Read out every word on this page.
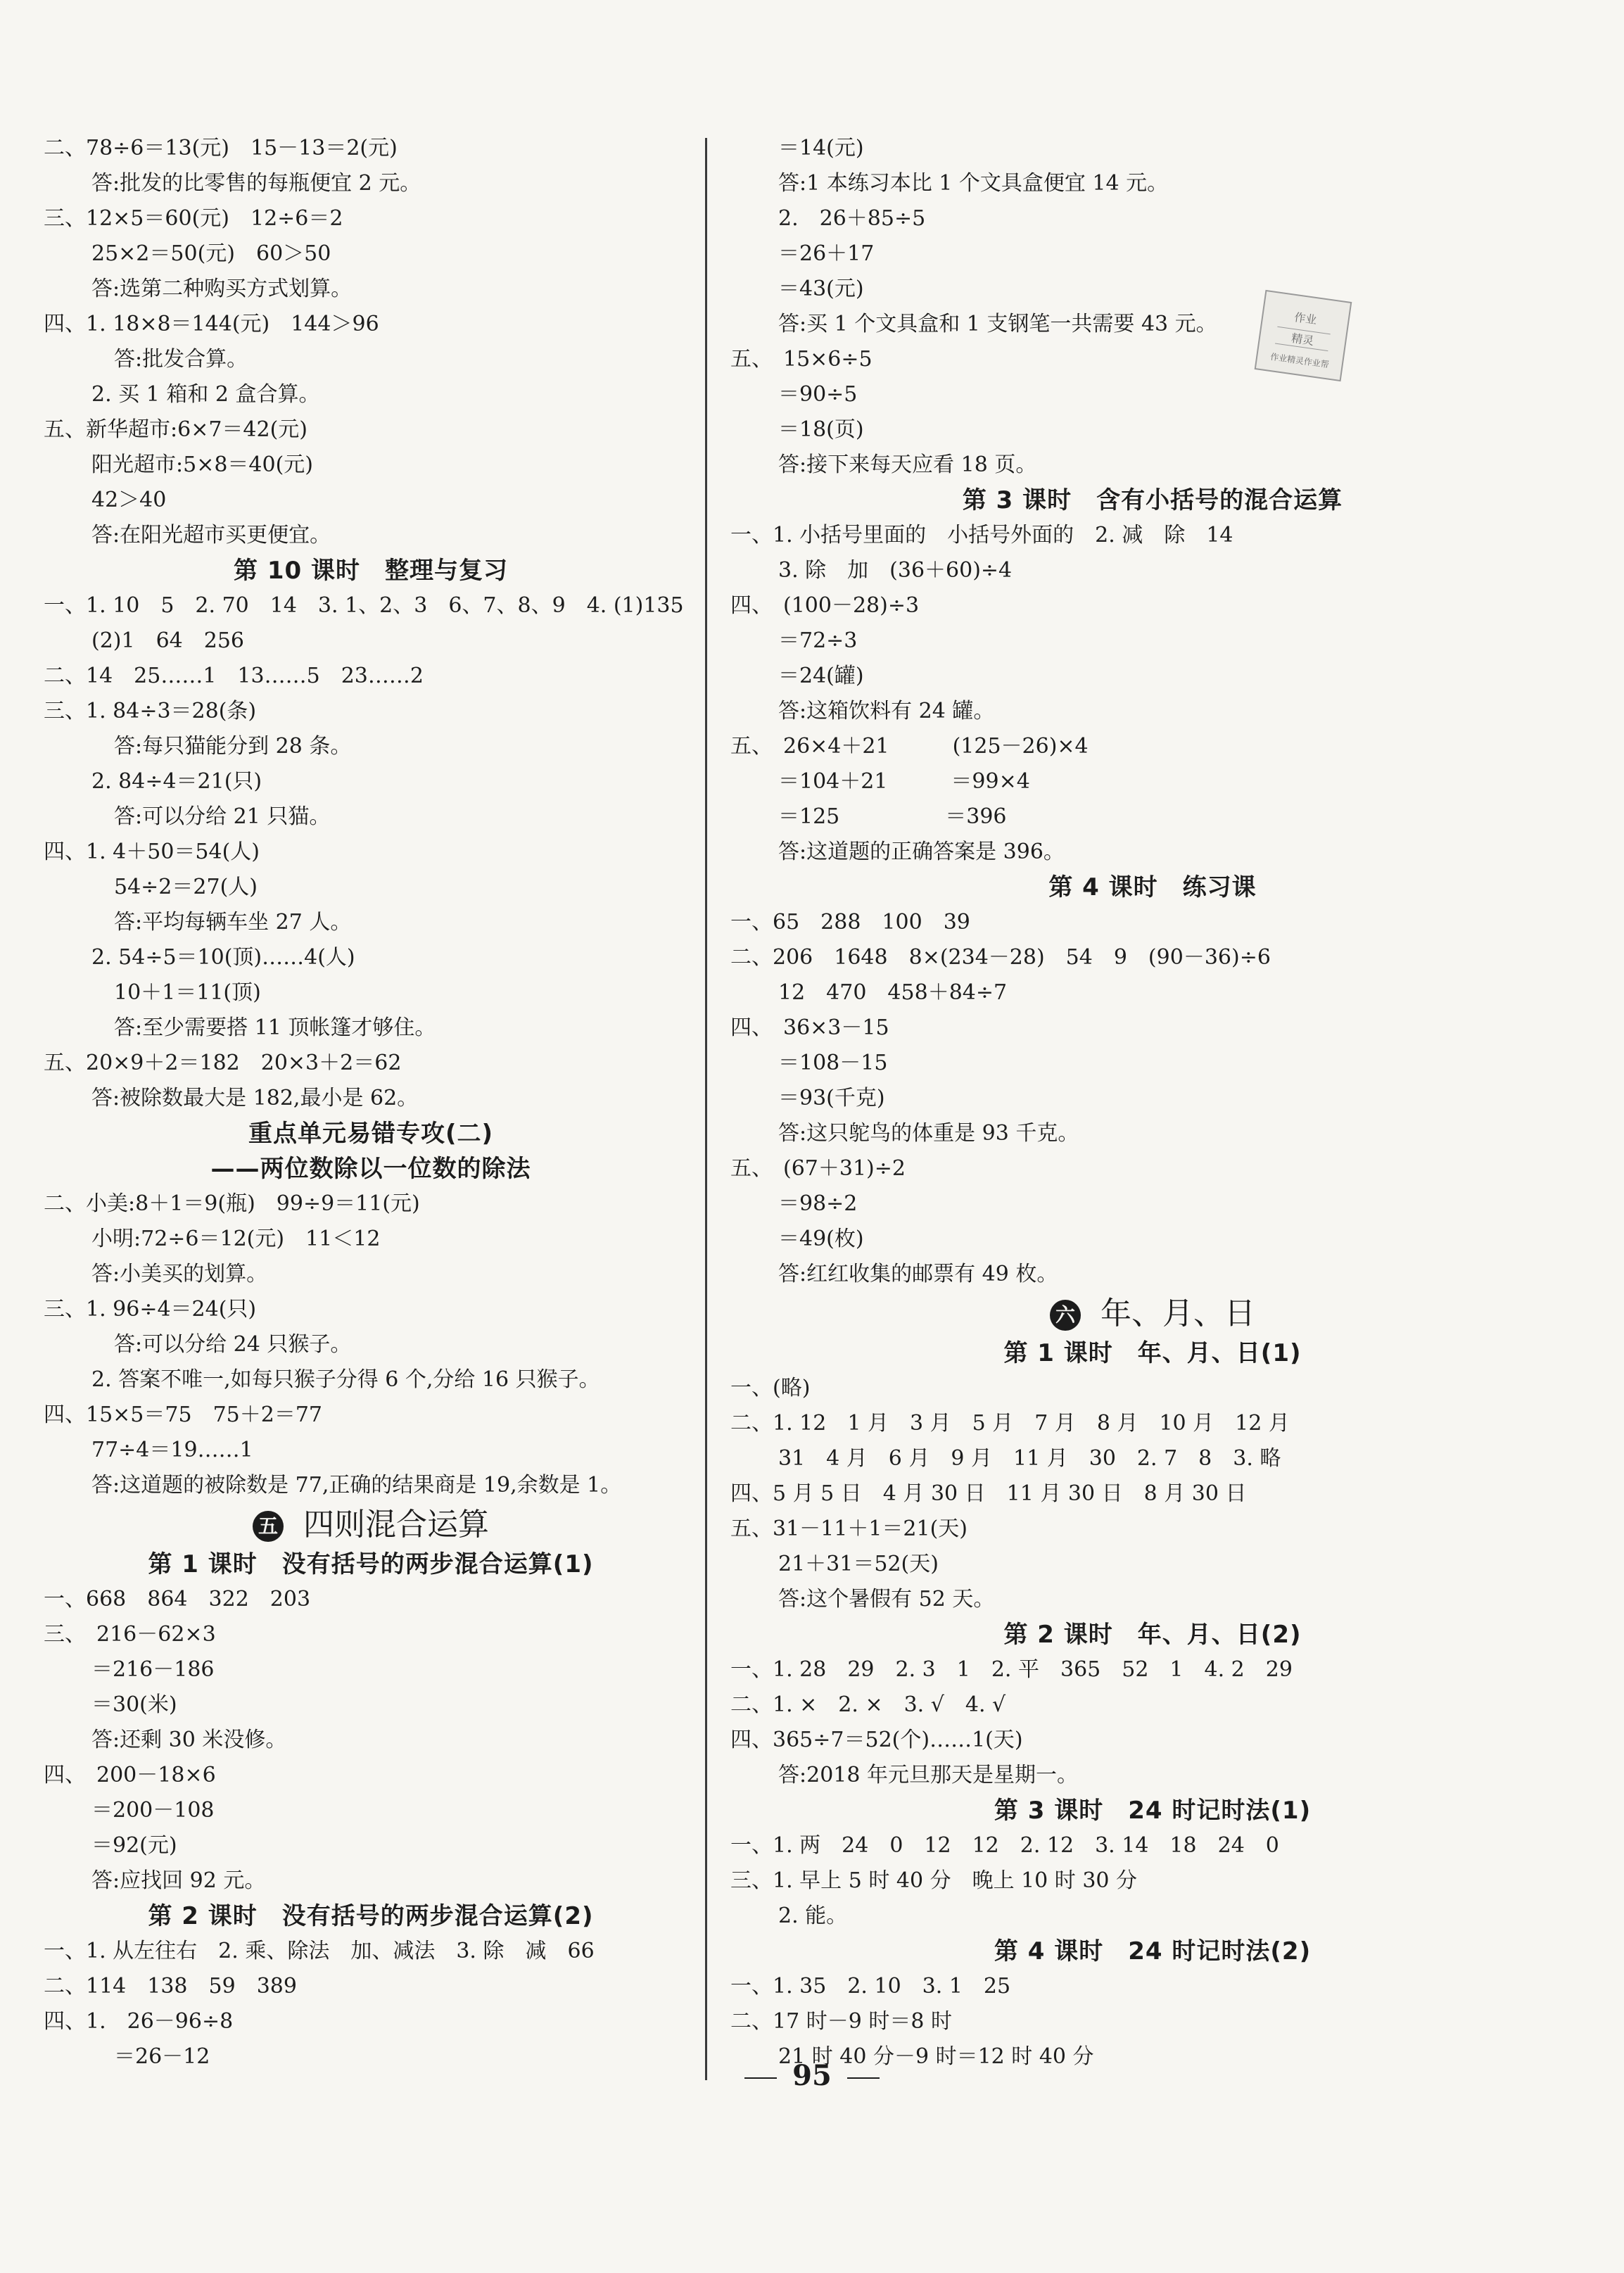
二、78÷6＝13(元)　15－13＝2(元)
答:批发的比零售的每瓶便宜 2 元。
三、12×5＝60(元)　12÷6＝2
25×2＝50(元)　60＞50
答:选第二种购买方式划算。
四、1. 18×8＝144(元)　144＞96
答:批发合算。
2. 买 1 箱和 2 盒合算。
五、新华超市:6×7＝42(元)
阳光超市:5×8＝40(元)
42＞40
答:在阳光超市买更便宜。
第 10 课时　整理与复习
一、1. 10　5　2. 70　14　3. 1、2、3　6、7、8、9　4. (1)135
(2)1　64　256
二、14　25……1　13……5　23……2
三、1. 84÷3＝28(条)
答:每只猫能分到 28 条。
2. 84÷4＝21(只)
答:可以分给 21 只猫。
四、1. 4＋50＝54(人)
54÷2＝27(人)
答:平均每辆车坐 27 人。
2. 54÷5＝10(顶)……4(人)
10＋1＝11(顶)
答:至少需要搭 11 顶帐篷才够住。
五、20×9＋2＝182　20×3＋2＝62
答:被除数最大是 182,最小是 62。
重点单元易错专攻(二)
——两位数除以一位数的除法
二、小美:8＋1＝9(瓶)　99÷9＝11(元)
小明:72÷6＝12(元)　11＜12
答:小美买的划算。
三、1. 96÷4＝24(只)
答:可以分给 24 只猴子。
2. 答案不唯一,如每只猴子分得 6 个,分给 16 只猴子。
四、15×5＝75　75＋2＝77
77÷4＝19……1
答:这道题的被除数是 77,正确的结果商是 19,余数是 1。
五 四则混合运算
第 1 课时　没有括号的两步混合运算(1)
一、668　864　322　203
三、　216－62×3
＝216－186
＝30(米)
答:还剩 30 米没修。
四、　200－18×6
＝200－108
＝92(元)
答:应找回 92 元。
第 2 课时　没有括号的两步混合运算(2)
一、1. 从左往右　2. 乘、除法　加、减法　3. 除　减　66
二、114　138　59　389
四、1.　26－96÷8
＝26－12
＝14(元)
答:1 本练习本比 1 个文具盒便宜 14 元。
2.　26＋85÷5
＝26＋17
＝43(元)
答:买 1 个文具盒和 1 支钢笔一共需要 43 元。
五、　15×6÷5
＝90÷5
＝18(页)
答:接下来每天应看 18 页。
第 3 课时　含有小括号的混合运算
一、1. 小括号里面的　小括号外面的　2. 减　除　14
3. 除　加　(36＋60)÷4
四、　(100－28)÷3
＝72÷3
＝24(罐)
答:这箱饮料有 24 罐。
五、　26×4＋21　　　(125－26)×4
＝104＋21　　　＝99×4
＝125　　　　　＝396
答:这道题的正确答案是 396。
第 4 课时　练习课
一、65　288　100　39
二、206　1648　8×(234－28)　54　9　(90－36)÷6
12　470　458＋84÷7
四、　36×3－15
＝108－15
＝93(千克)
答:这只鸵鸟的体重是 93 千克。
五、　(67＋31)÷2
＝98÷2
＝49(枚)
答:红红收集的邮票有 49 枚。
六 年、月、日
第 1 课时　年、月、日(1)
一、(略)
二、1. 12　1 月　3 月　5 月　7 月　8 月　10 月　12 月
31　4 月　6 月　9 月　11 月　30　2. 7　8　3. 略
四、5 月 5 日　4 月 30 日　11 月 30 日　8 月 30 日
五、31－11＋1＝21(天)
21＋31＝52(天)
答:这个暑假有 52 天。
第 2 课时　年、月、日(2)
一、1. 28　29　2. 3　1　2. 平　365　52　1　4. 2　29
二、1. ×　2. ×　3. √　4. √
四、365÷7＝52(个)……1(天)
答:2018 年元旦那天是星期一。
第 3 课时　24 时记时法(1)
一、1. 两　24　0　12　12　2. 12　3. 14　18　24　0
三、1. 早上 5 时 40 分　晚上 10 时 30 分
2. 能。
第 4 课时　24 时记时法(2)
一、1. 35　2. 10　3. 1　25
二、17 时－9 时＝8 时
21 时 40 分－9 时＝12 时 40 分
作业
精灵
作业精灵作业帮
95
